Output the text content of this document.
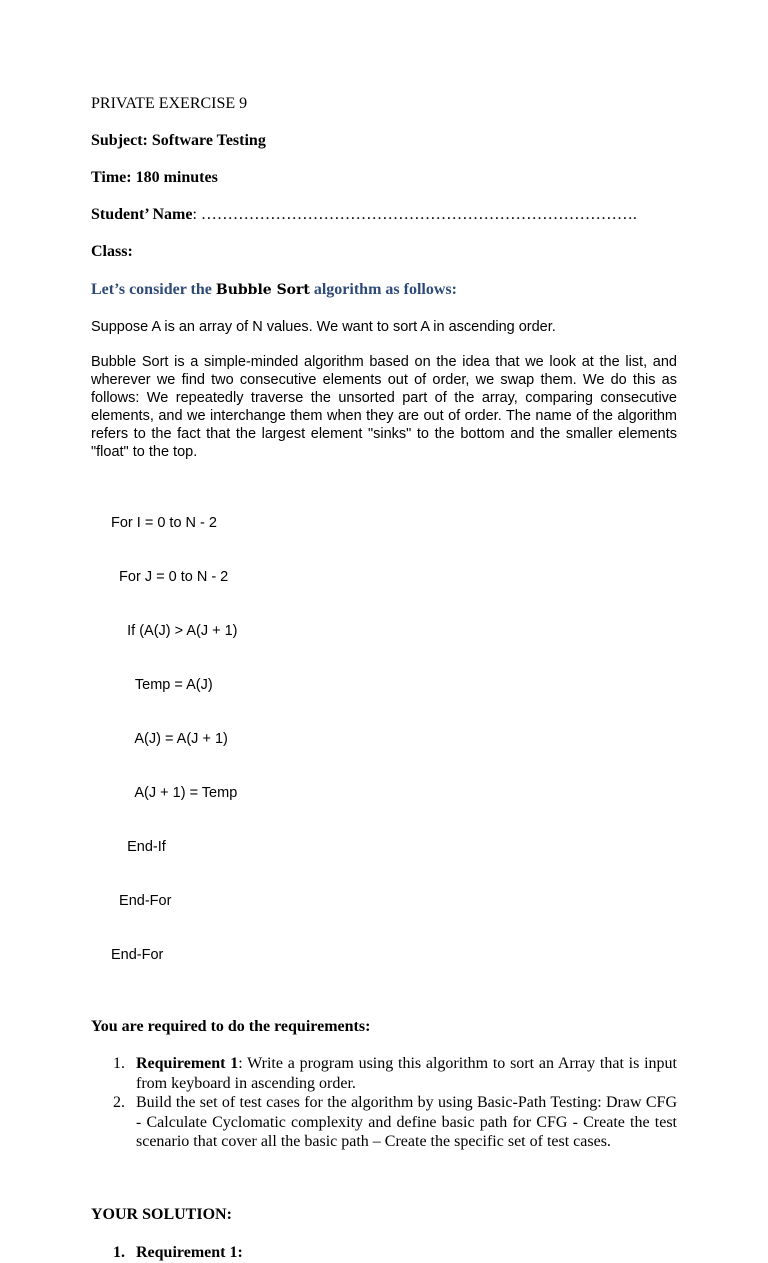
PRIVATE EXERCISE 9

Subject: Software Testing

Time: 180 minutes

Student’ Name: ……………………………………………………………………….

Class:

Let’s consider the Bubble Sort algorithm as follows:

Suppose A is an array of N values. We want to sort A in ascending order.

Bubble Sort is a simple-minded algorithm based on the idea that we look at the list, and wherever we find two consecutive elements out of order, we swap them. We do this as follows: We repeatedly traverse the unsorted part of the array, comparing consecutive elements, and we interchange them when they are out of order. The name of the algorithm refers to the fact that the largest element "sinks" to the bottom and the smaller elements "float" to the top.

For I = 0 to N - 2

For J = 0 to N - 2

If (A(J) > A(J + 1)

Temp = A(J)

A(J) = A(J + 1)

A(J + 1) = Temp

End-If

End-For

End-For

You are required to do the requirements:

1. Requirement 1: Write a program using this algorithm to sort an Array that is input from keyboard in ascending order.
2. Build the set of test cases for the algorithm by using Basic-Path Testing: Draw CFG - Calculate Cyclomatic complexity and define basic path for CFG - Create the test scenario that cover all the basic path – Create the specific set of test cases.

YOUR SOLUTION:

1. Requirement 1:
